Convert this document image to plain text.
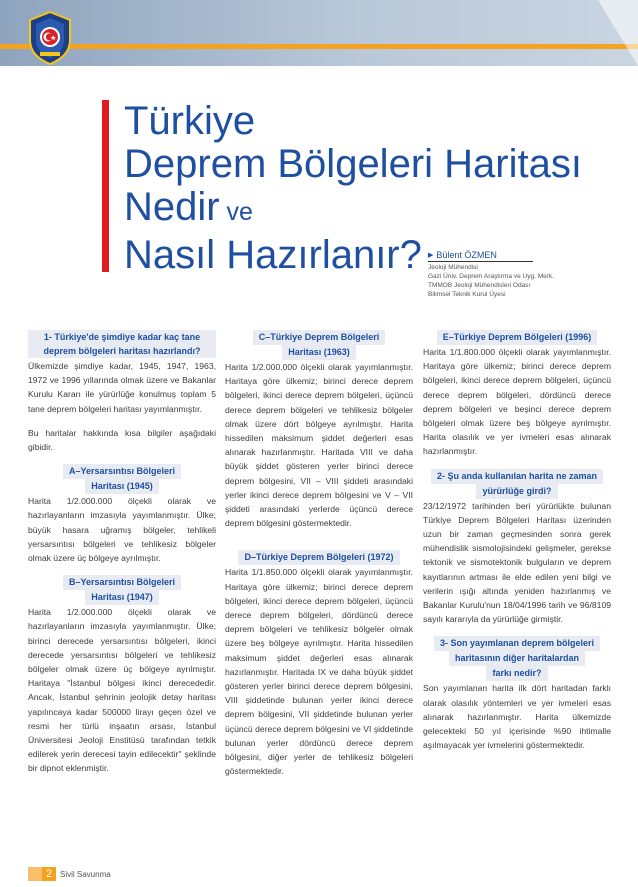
Türkiye
Deprem Bölgeleri Haritası
Nedir ve
Nasıl Hazırlanır? ▶ Bülent ÖZMEN
Jeoloji Mühendisi
Gazi Üniv. Deprem Araştırma ve Uyg. Merk.
TMMOB Jeoloji Mühendisleri Odası
Bilimsel Teknik Kurul Üyesi
1- Türkiye'de şimdiye kadar kaç tane deprem bölgeleri haritası hazırlandı?

Ülkemizde şimdiye kadar, 1945, 1947, 1963, 1972 ve 1996 yıllarında olmak üzere ve Bakanlar Kurulu Kararı ile yürürlüğe konulmuş toplam 5 tane deprem bölgeleri haritası yayımlanmıştır.

Bu haritalar hakkında kısa bilgiler aşağıdaki gibidir.

A–Yersarsıntısı Bölgeleri
Haritası (1945)

Harita 1/2.000.000 ölçekli olarak ve hazırlayanların imzasıyla yayımlanmıştır. Ülke; büyük hasara uğramış bölgeler, tehlikeli yersarsıntısı bölgeleri ve tehlikesiz bölgeler olmak üzere üç bölgeye ayrılmıştır.

B–Yersarsıntısı Bölgeleri
Haritası (1947)

Harita 1/2.000.000 ölçekli olarak ve hazırlayanların imzasıyla yayımlanmıştır. Ülke; birinci derecede yersarsıntısı bölgeleri, ikinci derecede yersarsıntısı bölgeleri ve tehlikesiz bölgeler olmak üzere üç bölgeye ayrılmıştır. Haritaya "İstanbul bölgesi ikinci derecededir. Ancak, İstanbul şehrinin jeolojik detay haritası yapılıncaya kadar 500000 lirayı geçen özel ve resmi her türlü inşaatın arsası, İstanbul Üniversitesi Jeoloji Enstitüsü tarafından tetkik edilerek yerin derecesi tayin edilecektir" şeklinde bir dipnot eklenmiştir.

C–Türkiye Deprem Bölgeleri
Haritası (1963)

Harita 1/2.000.000 ölçekli olarak yayımlanmıştır. Haritaya göre ülkemiz; birinci derece deprem bölgeleri, ikinci derece deprem bölgeleri, üçüncü derece deprem bölgeleri ve tehlikesiz bölgeler olmak üzere dört bölgeye ayrılmıştır. Harita hissedilen maksimum şiddet değerleri esas alınarak hazırlanmıştır. Haritada VIII ve daha büyük şiddet gösteren yerler birinci derece deprem bölgesini, VII – VIII şiddeti arasındaki yerler ikinci derece deprem bölgesini ve V – VII şiddeti arasındaki yerlerde üçüncü derece deprem bölgesini göstermektedir.

D–Türkiye Deprem Bölgeleri (1972)

Harita 1/1.850.000 ölçekli olarak yayımlanmıştır. Haritaya göre ülkemiz; birinci derece deprem bölgeleri, ikinci derece deprem bölgeleri, üçüncü derece deprem bölgeleri, dördüncü derece deprem bölgeleri ve tehlikesiz bölgeler olmak üzere beş bölgeye ayrılmıştır. Harita hissedilen maksimum şiddet değerleri esas alınarak hazırlanmıştır. Haritada IX ve daha büyük şiddet gösteren yerler birinci derece deprem bölgesini, VIII şiddetinde bulunan yerler ikinci derece deprem bölgesini, VII şiddetinde bulunan yerler üçüncü derece deprem bölgesini ve VI şiddetinde bulunan yerler dördüncü derece deprem bölgesini, diğer yerler de tehlikesiz bölgeleri göstermektedir.

E–Türkiye Deprem Bölgeleri (1996)

Harita 1/1.800.000 ölçekli olarak yayımlanmıştır. Haritaya göre ülkemiz; birinci derece deprem bölgeleri, ikinci derece deprem bölgeleri, üçüncü derece deprem bölgeleri, dördüncü derece deprem bölgeleri ve beşinci derece deprem bölgeleri olmak üzere beş bölgeye ayrılmıştır. Harita olasılık ve yer ivmeleri esas alınarak hazırlanmıştır.

2- Şu anda kullanılan harita ne zaman
yürürlüğe girdi?

23/12/1972 tarihinden beri yürürlükte bulunan Türkiye Deprem Bölgeleri Haritası üzerinden uzun bir zaman geçmesinden sonra gerek mühendislik sismolojisindeki gelişmeler, gerekse tektonik ve sismotektonik bulguların ve deprem kayıtlarının artması ile elde edilen yeni bilgi ve verilerin ışığı altında yeniden hazırlanmış ve Bakanlar Kurulu'nun 18/04/1996 tarih ve 96/8109 sayılı kararıyla da yürürlüğe girmiştir.

3- Son yayımlanan deprem bölgeleri
haritasının diğer haritalardan
farkı nedir?

Son yayımlanan harita ilk dört haritadan farklı olarak olasılık yöntemleri ve yer ivmeleri esas alınarak hazırlanmıştır. Harita ülkemizde gelecekteki 50 yıl içerisinde %90 ihtimalle aşılmayacak yer ivmelerini göstermektedir.

2 Sivil Savunma
